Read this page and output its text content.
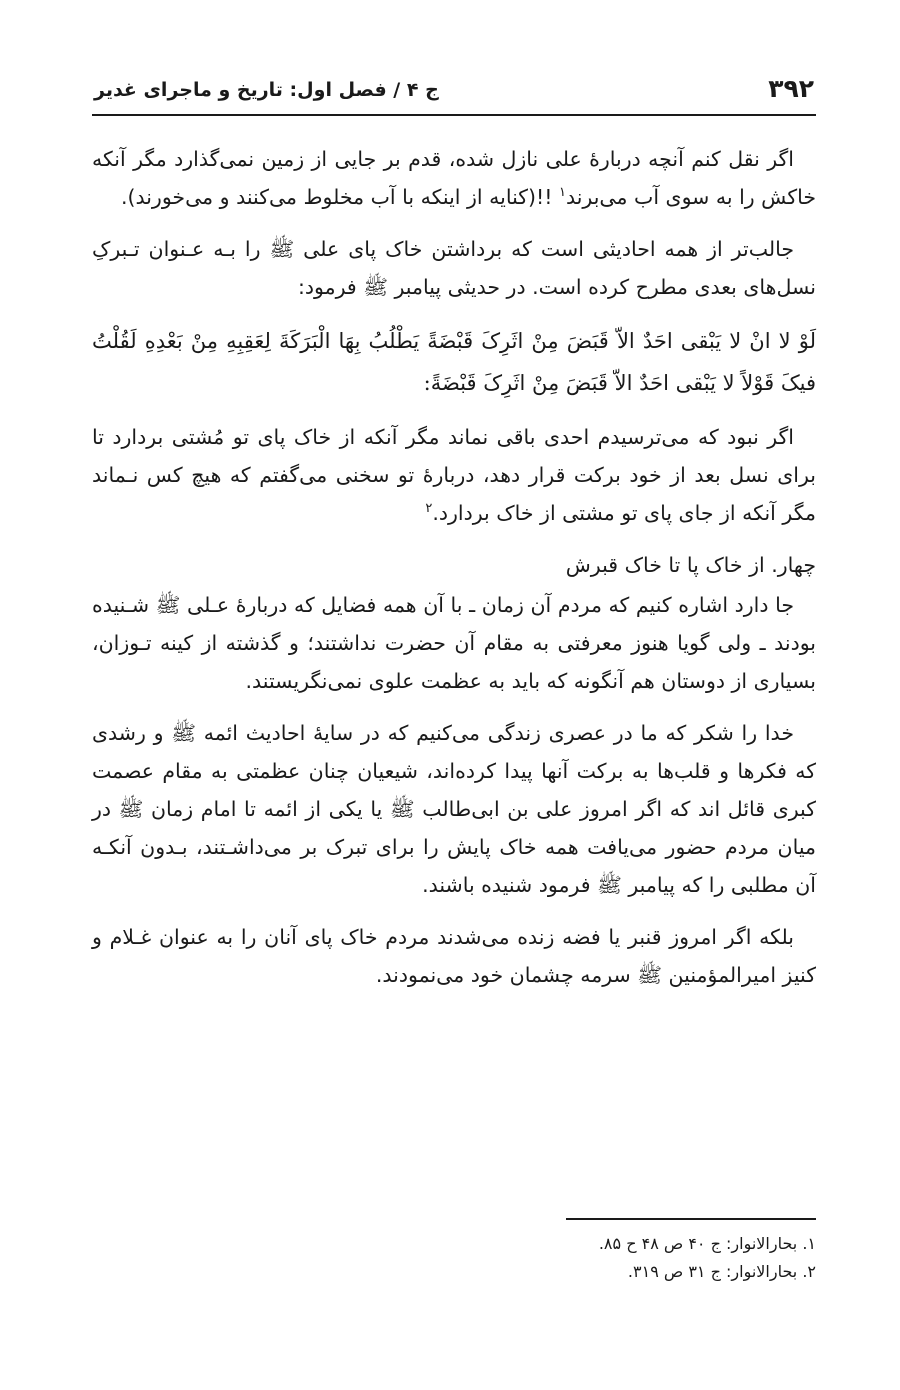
۳۹۲
ج ۴ / فصل اول: تاریخ و ماجرای غدیر

اگر نقل کنم آنچه دربارهٔ علی نازل شده، قدم بر جایی از زمین نمی‌گذارد مگر آنکه خاکش را به سوی آب می‌برند$^۱$ !!(کنایه از اینکه با آب مخلوط می‌کنند و می‌خورند).

جالب‌تر از همه احادیثی است که برداشتن خاک پای علی ﷺ را بـه عـنوان تـبرکِ نسل‌های بعدی مطرح کرده است. در حدیثی پیامبر ﷺ فرمود:

لَوْ لا انْ لا یَبْقی احَدٌ الاّ قَبَضَ مِنْ اثَرِکَ قَبْضَةً یَطْلُبُ بِهَا الْبَرَکَةَ لِعَقِبِهِ مِنْ بَعْدِهِ لَقُلْتُ فیکَ قَوْلاً لا یَبْقی احَدٌ الاّ قَبَضَ مِنْ اثَرِکَ قَبْضَةً:

اگر نبود که می‌ترسیدم احدی باقی نماند مگر آنکه از خاک پای تو مُشتی بردارد تا برای نسل بعد از خود برکت قرار دهد، دربارهٔ تو سخنی می‌گفتم که هیچ کس نـماند مگر آنکه از جای پای تو مشتی از خاک بردارد.$^۲$

چهار. از خاک پا تا خاک قبرش

جا دارد اشاره کنیم که مردم آن زمان ـ با آن همه فضایل که دربارهٔ عـلی ﷺ شـنیده بودند ـ ولی گویا هنوز معرفتی به مقام آن حضرت نداشتند؛ و گذشته از کینه تـوزان، بسیاری از دوستان هم آنگونه که باید به عظمت علوی نمی‌نگریستند.

خدا را شکر که ما در عصری زندگی می‌کنیم که در سایهٔ احادیث ائمه ﷺ و رشدی که فکرها و قلب‌ها به برکت آنها پیدا کرده‌اند، شیعیان چنان عظمتی به مقام عصمت کبری قائل اند که اگر امروز علی بن ابی‌طالب ﷺ یا یکی از ائمه تا امام زمان ﷺ در میان مردم حضور می‌یافت همه خاک پایش را برای تبرک بر می‌داشـتند، بـدون آنکـه آن مطلبی را که پیامبر ﷺ فرمود شنیده باشند.

بلکه اگر امروز قنبر یا فضه زنده می‌شدند مردم خاک پای آنان را به عنوان غـلام و کنیز امیرالمؤمنین ﷺ سرمه چشمان خود می‌نمودند.

۱. بحارالانوار: ج ۴۰ ص ۴۸ ح ۸۵.
۲. بحارالانوار: ج ۳۱ ص ۳۱۹.
